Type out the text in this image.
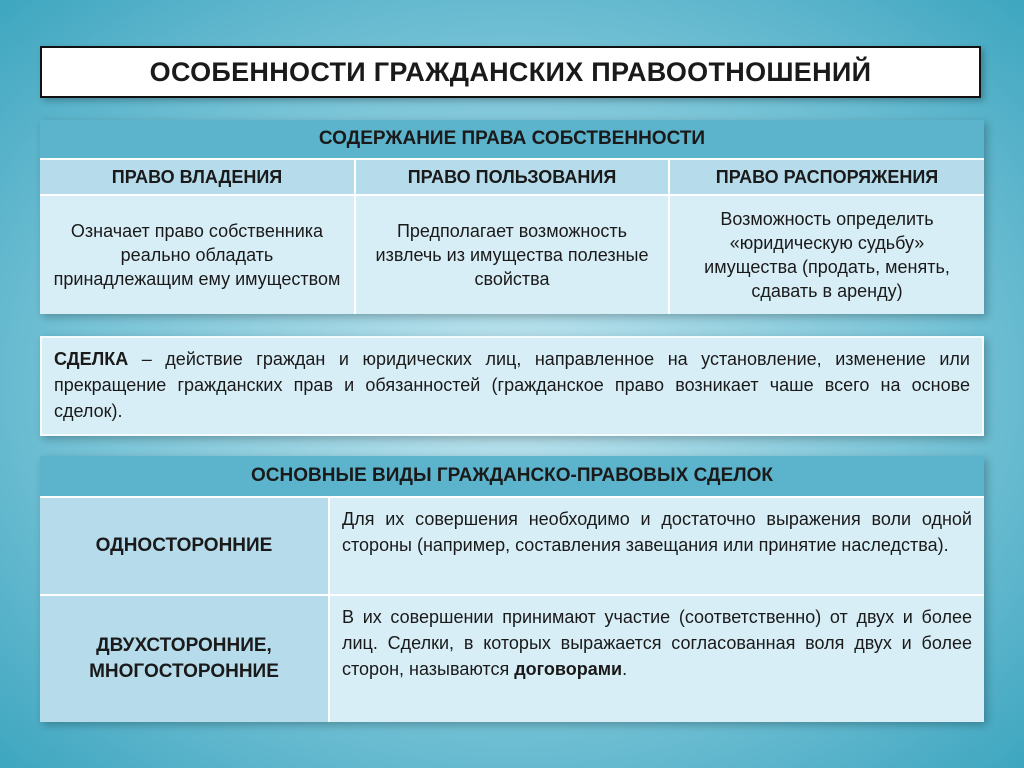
ОСОБЕННОСТИ ГРАЖДАНСКИХ ПРАВООТНОШЕНИЙ
СОДЕРЖАНИЕ ПРАВА СОБСТВЕННОСТИ
ПРАВО ВЛАДЕНИЯ	ПРАВО ПОЛЬЗОВАНИЯ	ПРАВО РАСПОРЯЖЕНИЯ
Означает право собственника реально обладать принадлежащим ему имуществом
Предполагает возможность извлечь из имущества полезные свойства
Возможность определить «юридическую судьбу» имущества (продать, менять, сдавать в аренду)
СДЕЛКА – действие граждан и юридических лиц, направленное на установление, изменение или прекращение гражданских прав и обязанностей (гражданское право возникает чаше всего на основе сделок).
ОСНОВНЫЕ ВИДЫ ГРАЖДАНСКО-ПРАВОВЫХ СДЕЛОК
ОДНОСТОРОННИЕ
Для их совершения необходимо и достаточно выражения воли одной стороны (например, составления завещания или принятие наследства).
ДВУХСТОРОННИЕ,
МНОГОСТОРОННИЕ
В их совершении принимают участие (соответственно) от двух и более лиц. Сделки, в которых выражается согласованная воля двух и более сторон, называются договорами.
